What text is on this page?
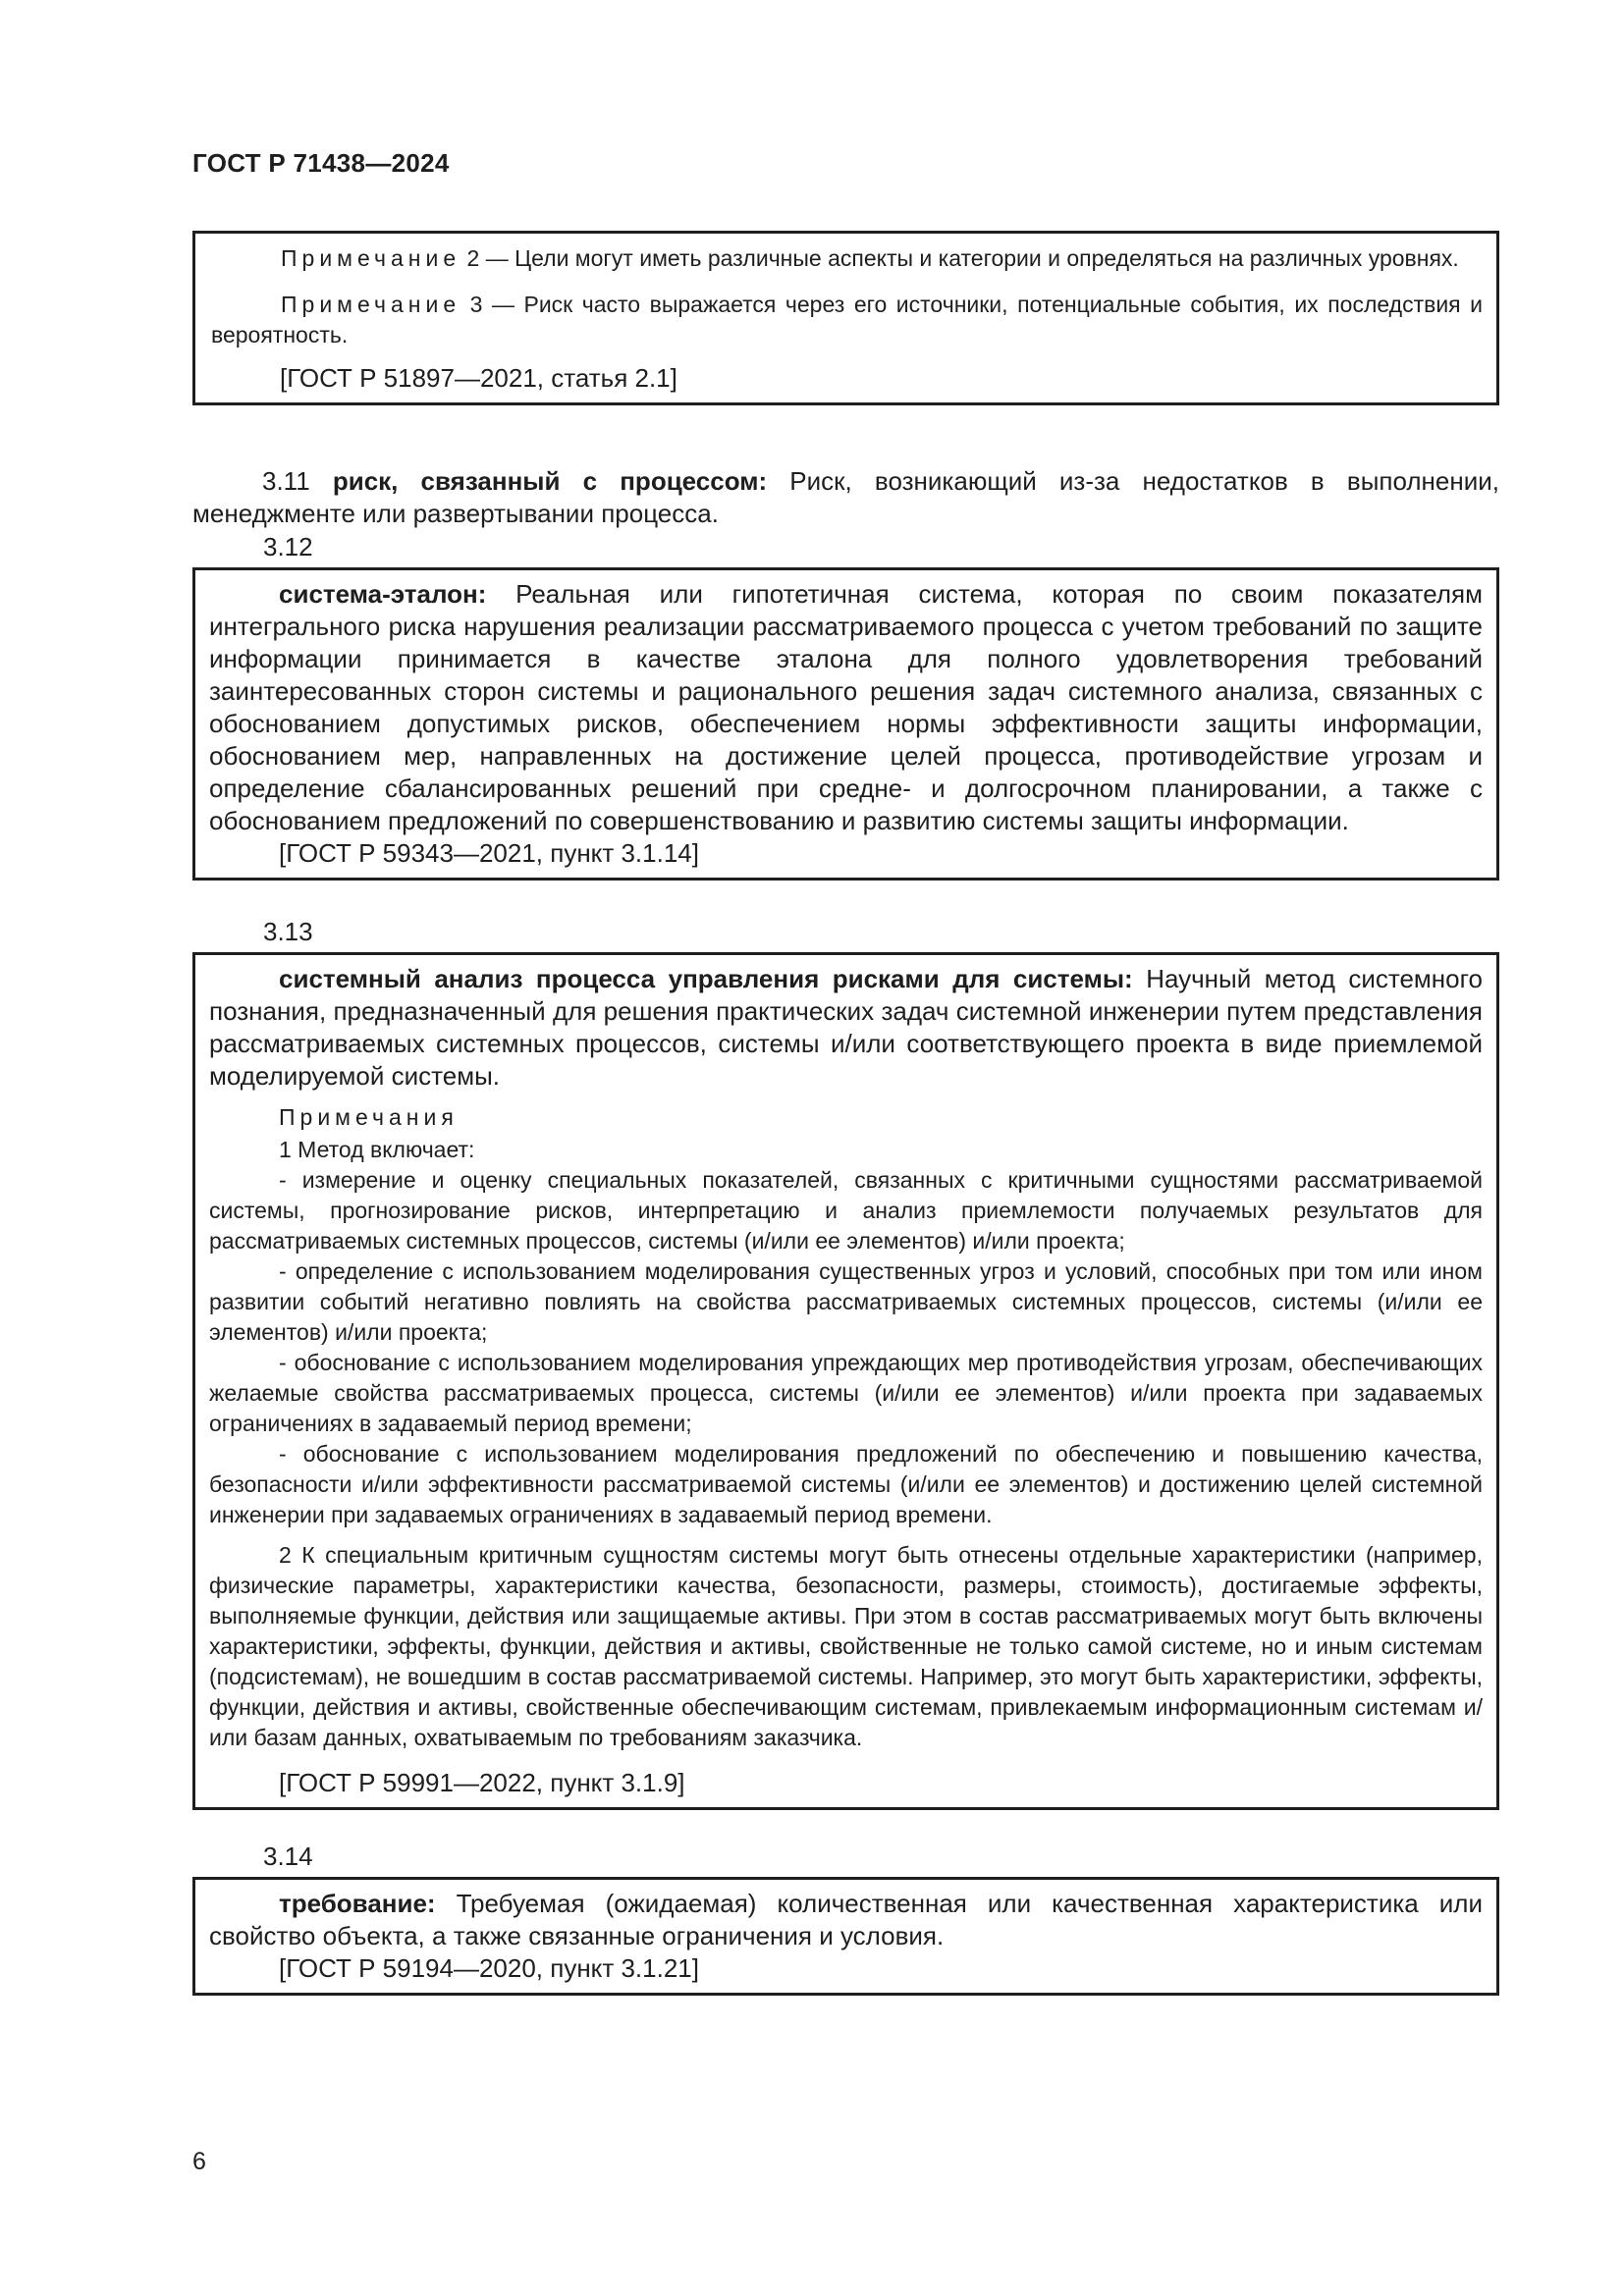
ГОСТ Р 71438—2024

Примечание 2 — Цели могут иметь различные аспекты и категории и определяться на различных уровнях.

Примечание 3 — Риск часто выражается через его источники, потенциальные события, их последствия и вероятность.

[ГОСТ Р 51897—2021, статья 2.1]

3.11 риск, связанный с процессом: Риск, возникающий из-за недостатков в выполнении, менеджменте или развертывании процесса.

3.12

система-эталон: Реальная или гипотетичная система, которая по своим показателям интегрального риска нарушения реализации рассматриваемого процесса с учетом требований по защите информации принимается в качестве эталона для полного удовлетворения требований заинтересованных сторон системы и рационального решения задач системного анализа, связанных с обоснованием допустимых рисков, обеспечением нормы эффективности защиты информации, обоснованием мер, направленных на достижение целей процесса, противодействие угрозам и определение сбалансированных решений при средне- и долгосрочном планировании, а также с обоснованием предложений по совершенствованию и развитию системы защиты информации.

[ГОСТ Р 59343—2021, пункт 3.1.14]

3.13

системный анализ процесса управления рисками для системы: Научный метод системного познания, предназначенный для решения практических задач системной инженерии путем представления рассматриваемых системных процессов, системы и/или соответствующего проекта в виде приемлемой моделируемой системы.

Примечания

1 Метод включает:

- измерение и оценку специальных показателей, связанных с критичными сущностями рассматриваемой системы, прогнозирование рисков, интерпретацию и анализ приемлемости получаемых результатов для рассматриваемых системных процессов, системы (и/или ее элементов) и/или проекта;

- определение с использованием моделирования существенных угроз и условий, способных при том или ином развитии событий негативно повлиять на свойства рассматриваемых системных процессов, системы (и/или ее элементов) и/или проекта;

- обоснование с использованием моделирования упреждающих мер противодействия угрозам, обеспечивающих желаемые свойства рассматриваемых процесса, системы (и/или ее элементов) и/или проекта при задаваемых ограничениях в задаваемый период времени;

- обоснование с использованием моделирования предложений по обеспечению и повышению качества, безопасности и/или эффективности рассматриваемой системы (и/или ее элементов) и достижению целей системной инженерии при задаваемых ограничениях в задаваемый период времени.

2 К специальным критичным сущностям системы могут быть отнесены отдельные характеристики (например, физические параметры, характеристики качества, безопасности, размеры, стоимость), достигаемые эффекты, выполняемые функции, действия или защищаемые активы. При этом в состав рассматриваемых могут быть включены характеристики, эффекты, функции, действия и активы, свойственные не только самой системе, но и иным системам (подсистемам), не вошедшим в состав рассматриваемой системы. Например, это могут быть характеристики, эффекты, функции, действия и активы, свойственные обеспечивающим системам, привлекаемым информационным системам и/или базам данных, охватываемым по требованиям заказчика.

[ГОСТ Р 59991—2022, пункт 3.1.9]

3.14

требование: Требуемая (ожидаемая) количественная или качественная характеристика или свойство объекта, а также связанные ограничения и условия.

[ГОСТ Р 59194—2020, пункт 3.1.21]

6
